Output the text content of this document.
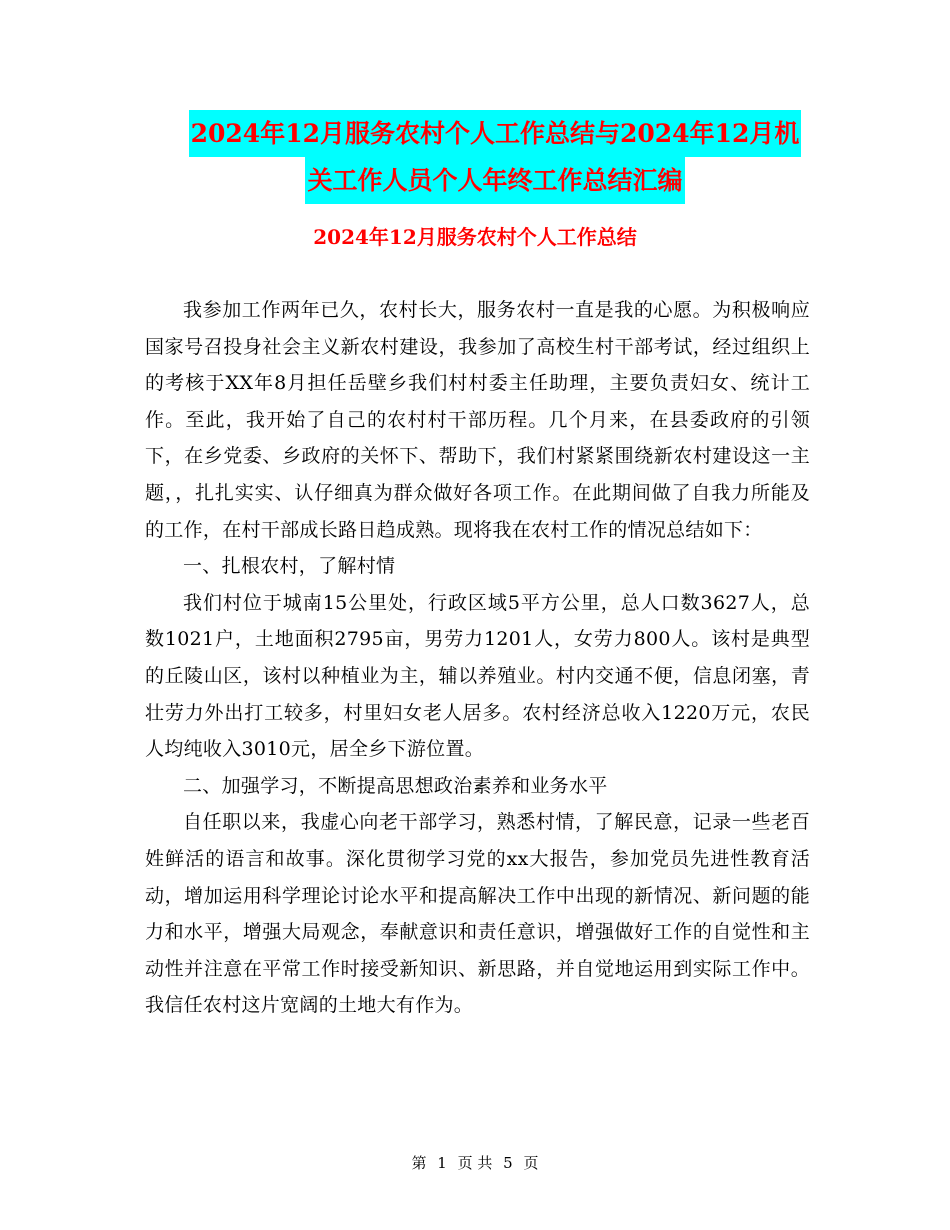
2024年12月服务农村个人工作总结与2024年12月机
关工作人员个人年终工作总结汇编
2024年12月服务农村个人工作总结

我参加工作两年已久，农村长大，服务农村一直是我的心愿。为积极响应国家号召投身社会主义新农村建设，我参加了高校生村干部考试，经过组织上的考核于XX年8月担任岳壁乡我们村村委主任助理，主要负责妇女、统计工作。至此，我开始了自己的农村村干部历程。几个月来，在县委政府的引领下，在乡党委、乡政府的关怀下、帮助下，我们村紧紧围绕新农村建设这一主题，，扎扎实实、认仔细真为群众做好各项工作。在此期间做了自我力所能及的工作，在村干部成长路日趋成熟。现将我在农村工作的情况总结如下：

一、扎根农村，了解村情

我们村位于城南15公里处，行政区域5平方公里，总人口数3627人，总数1021户，土地面积2795亩，男劳力1201人，女劳力800人。该村是典型的丘陵山区，该村以种植业为主，辅以养殖业。村内交通不便，信息闭塞，青壮劳力外出打工较多，村里妇女老人居多。农村经济总收入1220万元，农民人均纯收入3010元，居全乡下游位置。

二、加强学习，不断提高思想政治素养和业务水平

自任职以来，我虚心向老干部学习，熟悉村情，了解民意，记录一些老百姓鲜活的语言和故事。深化贯彻学习党的xx大报告，参加党员先进性教育活动，增加运用科学理论讨论水平和提高解决工作中出现的新情况、新问题的能力和水平，增强大局观念，奉献意识和责任意识，增强做好工作的自觉性和主动性并注意在平常工作时接受新知识、新思路，并自觉地运用到实际工作中。我信任农村这片宽阔的土地大有作为。

第 1 页 共 5 页
